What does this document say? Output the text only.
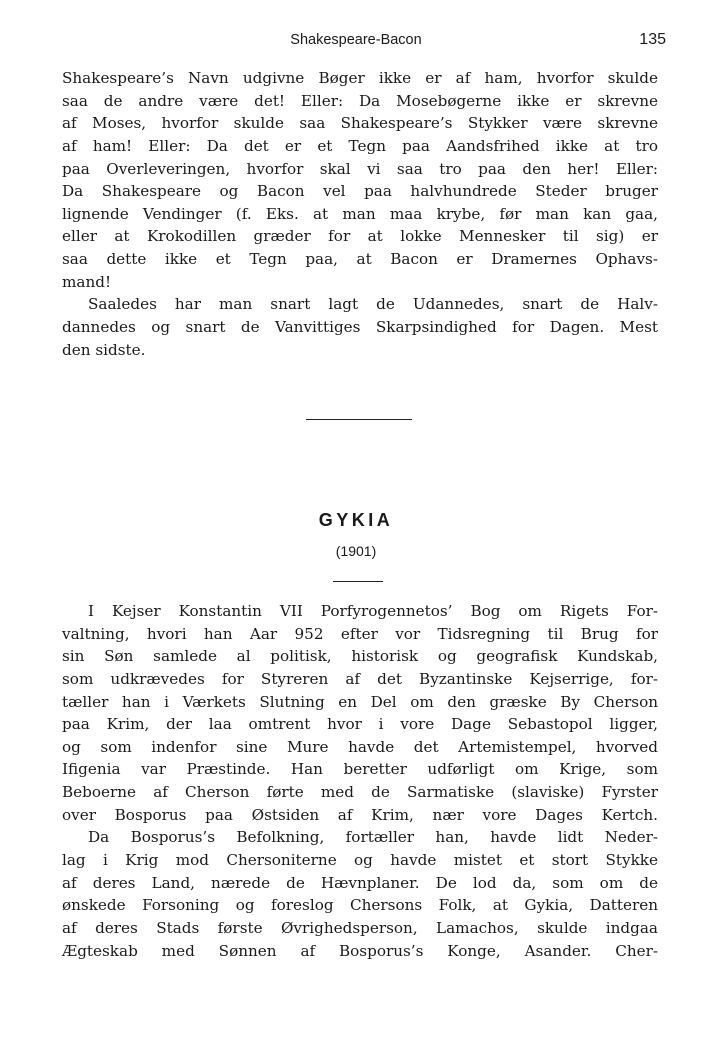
Shakespeare-Bacon	135
Shakespeare’s Navn udgivne Bøger ikke er af ham, hvorfor skulde
saa de andre være det! Eller: Da Mosebøgerne ikke er skrevne
af Moses, hvorfor skulde saa Shakespeare’s Stykker være skrevne
af ham! Eller: Da det er et Tegn paa Aandsfrihed ikke at tro
paa Overleveringen, hvorfor skal vi saa tro paa den her! Eller:
Da Shakespeare og Bacon vel paa halvhundrede Steder bruger
lignende Vendinger (f. Eks. at man maa krybe, før man kan gaa,
eller at Krokodillen græder for at lokke Mennesker til sig) er
saa dette ikke et Tegn paa, at Bacon er Dramernes Ophavs-
mand!
Saaledes har man snart lagt de Udannedes, snart de Halv-
dannedes og snart de Vanvittiges Skarpsindighed for Dagen. Mest
den sidste.
GYKIA
(1901)
I Kejser Konstantin VII Porfyrogennetos’ Bog om Rigets For-
valtning, hvori han Aar 952 efter vor Tidsregning til Brug for
sin Søn samlede al politisk, historisk og geografisk Kundskab,
som udkrævedes for Styreren af det Byzantinske Kejserrige, for-
tæller han i Værkets Slutning en Del om den græske By Cherson
paa Krim, der laa omtrent hvor i vore Dage Sebastopol ligger,
og som indenfor sine Mure havde det Artemistempel, hvorved
Ifigenia var Præstinde. Han beretter udførligt om Krige, som
Beboerne af Cherson førte med de Sarmatiske (slaviske) Fyrster
over Bosporus paa Østsiden af Krim, nær vore Dages Kertch.
Da Bosporus’s Befolkning, fortæller han, havde lidt Neder-
lag i Krig mod Chersoniterne og havde mistet et stort Stykke
af deres Land, nærede de Hævnplaner. De lod da, som om de
ønskede Forsoning og foreslog Chersons Folk, at Gykia, Datteren
af deres Stads første Øvrighedsperson, Lamachos, skulde indgaa
Ægteskab med Sønnen af Bosporus’s Konge, Asander. Cher-
